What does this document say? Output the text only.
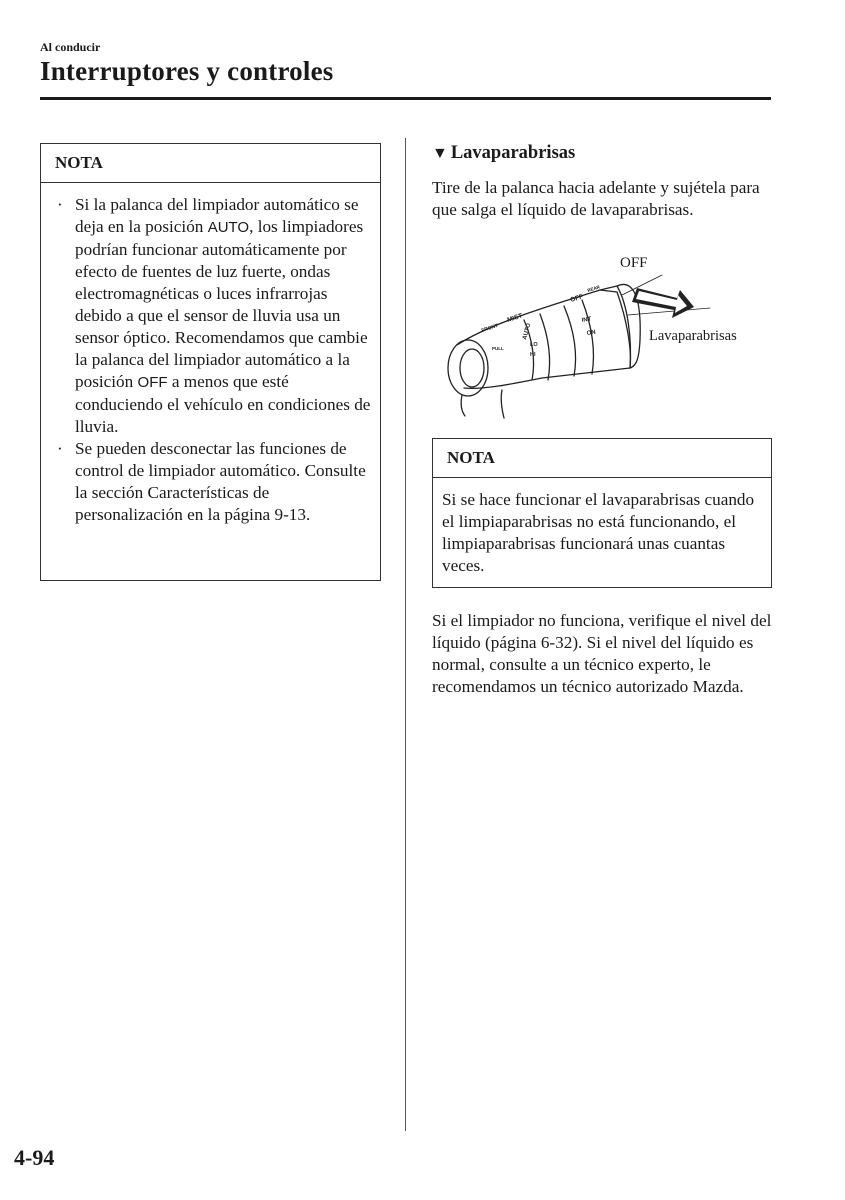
Al conducir
Interruptores y controles
NOTA
· Si la palanca del limpiador automático se deja en la posición AUTO, los limpiadores podrían funcionar automáticamente por efecto de fuentes de luz fuerte, ondas electromagnéticas o luces infrarrojas debido a que el sensor de lluvia usa un sensor óptico. Recomendamos que cambie la palanca del limpiador automático a la posición OFF a menos que esté conduciendo el vehículo en condiciones de lluvia.
· Se pueden desconectar las funciones de control de limpiador automático. Consulte la sección Características de personalización en la página 9-13.
▼ Lavaparabrisas

Tire de la palanca hacia adelante y sujétela para que salga el líquido de lavaparabrisas.

FRONT
MIST
OFF
AUTO
LO
HI
INT
ON
PULL
REAR
OFF
Lavaparabrisas
NOTA
Si se hace funcionar el lavaparabrisas cuando el limpiaparabrisas no está funcionando, el limpiaparabrisas funcionará unas cuantas veces.

Si el limpiador no funciona, verifique el nivel del líquido (página 6-32). Si el nivel del líquido es normal, consulte a un técnico experto, le recomendamos un técnico autorizado Mazda.

4-94
